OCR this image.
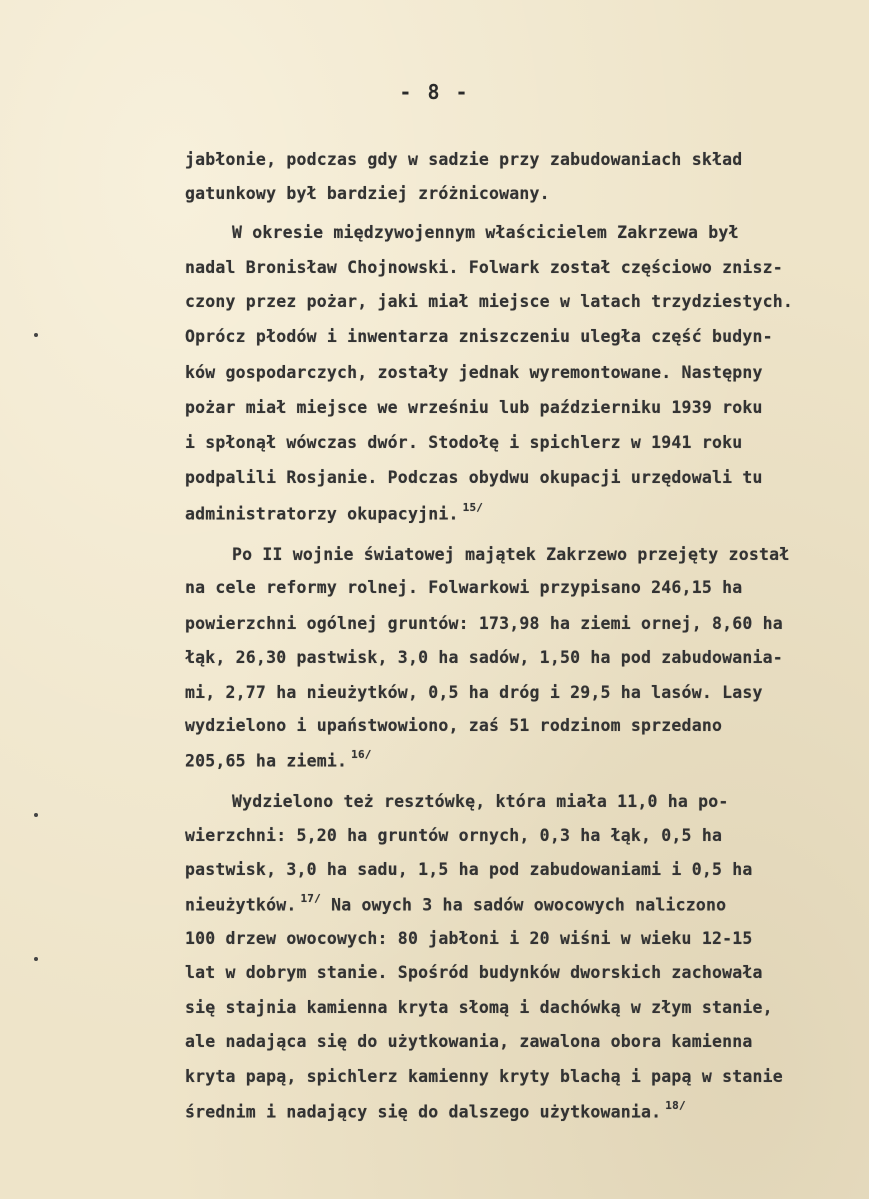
- 8 -
jabłonie, podczas gdy w sadzie przy zabudowaniach skład
gatunkowy był bardziej zróżnicowany.
W okresie międzywojennym właścicielem Zakrzewa był
nadal Bronisław Chojnowski. Folwark został częściowo znisz-
czony przez pożar, jaki miał miejsce w latach trzydziestych.
Oprócz płodów i inwentarza zniszczeniu uległa część budyn-
ków gospodarczych, zostały jednak wyremontowane. Następny
pożar miał miejsce we wrześniu lub październiku 1939 roku
i spłonął wówczas dwór. Stodołę i spichlerz w 1941 roku
podpalili Rosjanie. Podczas obydwu okupacji urzędowali tu
administratorzy okupacyjni. $^{15/}$
Po II wojnie światowej majątek Zakrzewo przejęty został
na cele reformy rolnej. Folwarkowi przypisano 246,15 ha
powierzchni ogólnej gruntów: 173,98 ha ziemi ornej, 8,60 ha
łąk, 26,30 pastwisk, 3,0 ha sadów, 1,50 ha pod zabudowania-
mi, 2,77 ha nieużytków, 0,5 ha dróg i 29,5 ha lasów. Lasy
wydzielono i upaństwowiono, zaś 51 rodzinom sprzedano
205,65 ha ziemi. $^{16/}$
Wydzielono też resztówkę, która miała 11,0 ha po-
wierzchni: 5,20 ha gruntów ornych, 0,3 ha łąk, 0,5 ha
pastwisk, 3,0 ha sadu, 1,5 ha pod zabudowaniami i 0,5 ha
nieużytków. $^{17/}$ Na owych 3 ha sadów owocowych naliczono
100 drzew owocowych: 80 jabłoni i 20 wiśni w wieku 12-15
lat w dobrym stanie. Spośród budynków dworskich zachowała
się stajnia kamienna kryta słomą i dachówką w złym stanie,
ale nadająca się do użytkowania, zawalona obora kamienna
kryta papą, spichlerz kamienny kryty blachą i papą w stanie
średnim i nadający się do dalszego użytkowania. $^{18/}$
